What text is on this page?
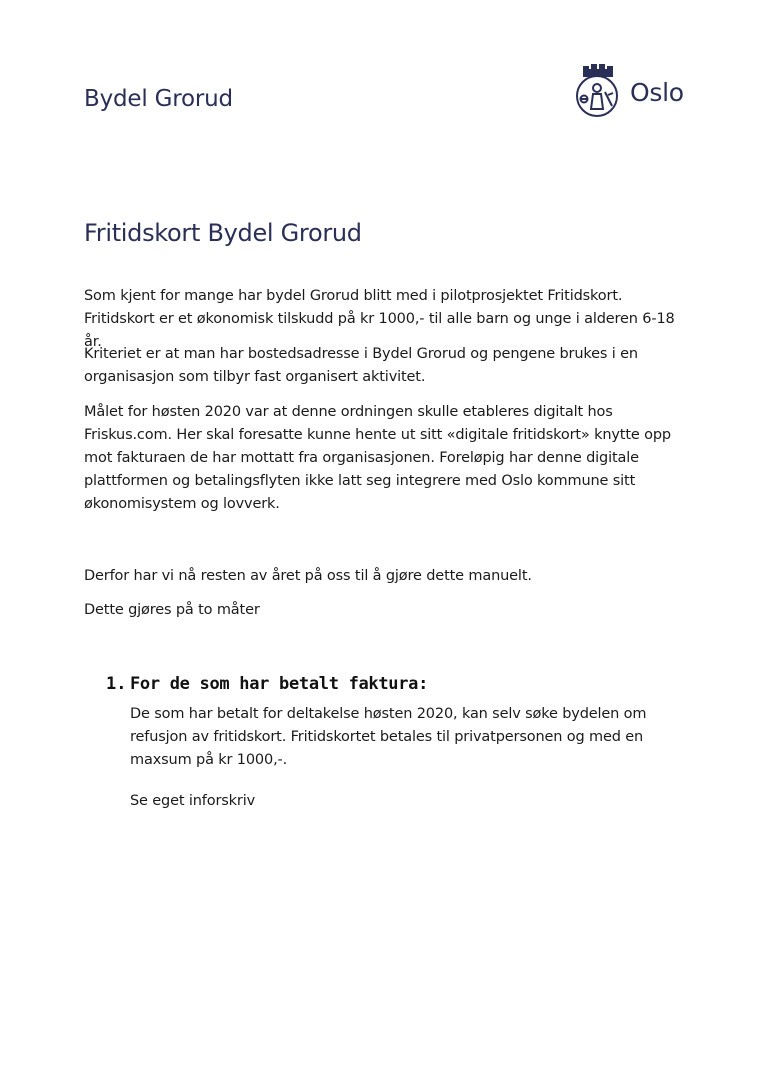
Bydel Grorud	Oslo
Fritidskort Bydel Grorud
Som kjent for mange har bydel Grorud blitt med i pilotprosjektet Fritidskort. Fritidskort er et økonomisk tilskudd på kr 1000,- til alle barn og unge i alderen 6-18 år.
Kriteriet er at man har bostedsadresse i Bydel Grorud og pengene brukes i en organisasjon som tilbyr fast organisert aktivitet.
Målet for høsten 2020 var at denne ordningen skulle etableres digitalt hos Friskus.com. Her skal foresatte kunne hente ut sitt «digitale fritidskort» knytte opp mot fakturaen de har mottatt fra organisasjonen. Foreløpig har denne digitale plattformen og betalingsflyten ikke latt seg integrere med Oslo kommune sitt økonomisystem og lovverk.
Derfor har vi nå resten av året på oss til å gjøre dette manuelt.
Dette gjøres på to måter
1. For de som har betalt faktura:
De som har betalt for deltakelse høsten 2020, kan selv søke bydelen om refusjon av fritidskort. Fritidskortet betales til privatpersonen og med en maxsum på kr 1000,-.
Se eget inforskriv
